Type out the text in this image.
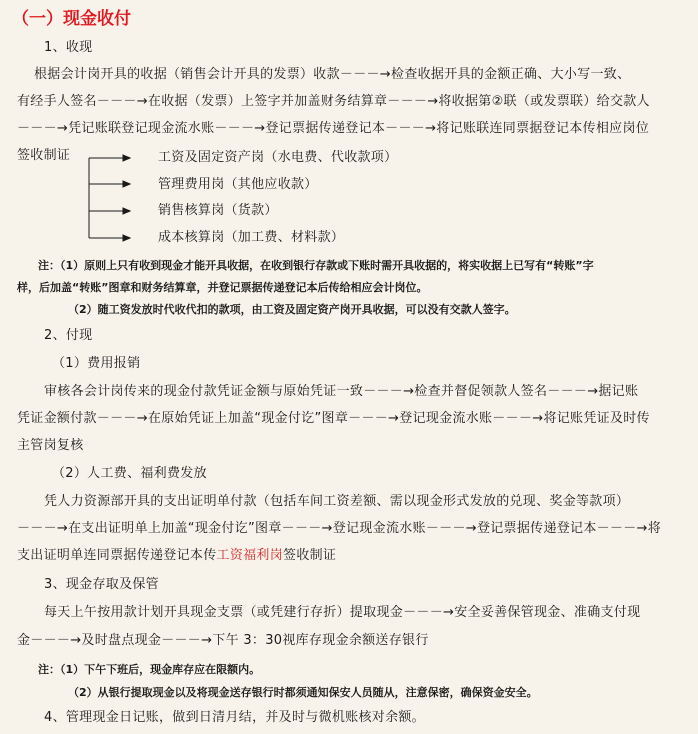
（一）现金收付
1、收现
根据会计岗开具的收据（销售会计开具的发票）收款－－－→检查收据开具的金额正确、大小写一致、
有经手人签名－－－→在收据（发票）上签字并加盖财务结算章－－－→将收据第②联（或发票联）给交款人
－－－→凭记账联登记现金流水账－－－→登记票据传递登记本－－－→将记账联连同票据登记本传相应岗位
签收制证	工资及固定资产岗（水电费、代收款项）
管理费用岗（其他应收款）
销售核算岗（货款）
成本核算岗（加工费、材料款）
注：（1）原则上只有收到现金才能开具收据，在收到银行存款或下账时需开具收据的，将实收据上已写有“转账”字
样，后加盖“转账”图章和财务结算章，并登记票据传递登记本后传给相应会计岗位。
（2）随工资发放时代收代扣的款项，由工资及固定资产岗开具收据，可以没有交款人签字。
2、付现
（1）费用报销
审核各会计岗传来的现金付款凭证金额与原始凭证一致－－－→检查并督促领款人签名－－－→据记账
凭证金额付款－－－→在原始凭证上加盖“现金付讫”图章－－－→登记现金流水账－－－→将记账凭证及时传
主管岗复核
（2）人工费、福利费发放
凭人力资源部开具的支出证明单付款（包括车间工资差额、需以现金形式发放的兑现、奖金等款项）
－－－→在支出证明单上加盖“现金付讫”图章－－－→登记现金流水账－－－→登记票据传递登记本－－－→将
支出证明单连同票据传递登记本传工资福利岗签收制证
3、现金存取及保管
每天上午按用款计划开具现金支票（或凭建行存折）提取现金－－－→安全妥善保管现金、准确支付现
金－－－→及时盘点现金－－－→下午 3：30视库存现金余额送存银行
注：（1）下午下班后，现金库存应在限额内。
（2）从银行提取现金以及将现金送存银行时都须通知保安人员随从，注意保密，确保资金安全。
4、管理现金日记账，做到日清月结，并及时与微机账核对余额。
